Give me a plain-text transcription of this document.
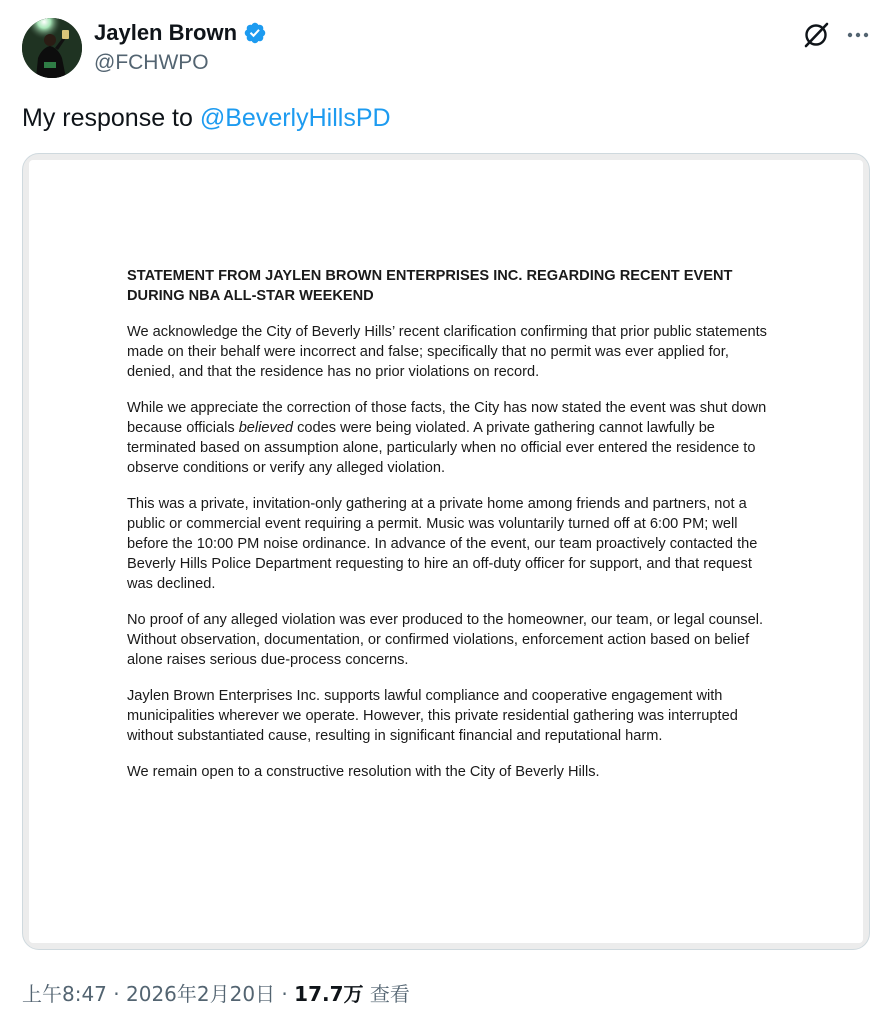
Jaylen Brown
@FCHWPO
My response to @BeverlyHillsPD

STATEMENT FROM JAYLEN BROWN ENTERPRISES INC. REGARDING RECENT EVENT DURING NBA ALL-STAR WEEKEND

We acknowledge the City of Beverly Hills’ recent clarification confirming that prior public statements made on their behalf were incorrect and false; specifically that no permit was ever applied for, denied, and that the residence has no prior violations on record.

While we appreciate the correction of those facts, the City has now stated the event was shut down because officials believed codes were being violated. A private gathering cannot lawfully be terminated based on assumption alone, particularly when no official ever entered the residence to observe conditions or verify any alleged violation.

This was a private, invitation-only gathering at a private home among friends and partners, not a public or commercial event requiring a permit. Music was voluntarily turned off at 6:00 PM; well before the 10:00 PM noise ordinance. In advance of the event, our team proactively contacted the Beverly Hills Police Department requesting to hire an off-duty officer for support, and that request was declined.

No proof of any alleged violation was ever produced to the homeowner, our team, or legal counsel. Without observation, documentation, or confirmed violations, enforcement action based on belief alone raises serious due-process concerns.

Jaylen Brown Enterprises Inc. supports lawful compliance and cooperative engagement with municipalities wherever we operate. However, this private residential gathering was interrupted without substantiated cause, resulting in significant financial and reputational harm.

We remain open to a constructive resolution with the City of Beverly Hills.

上午8:47 · 2026年2月20日 · 17.7万 查看
